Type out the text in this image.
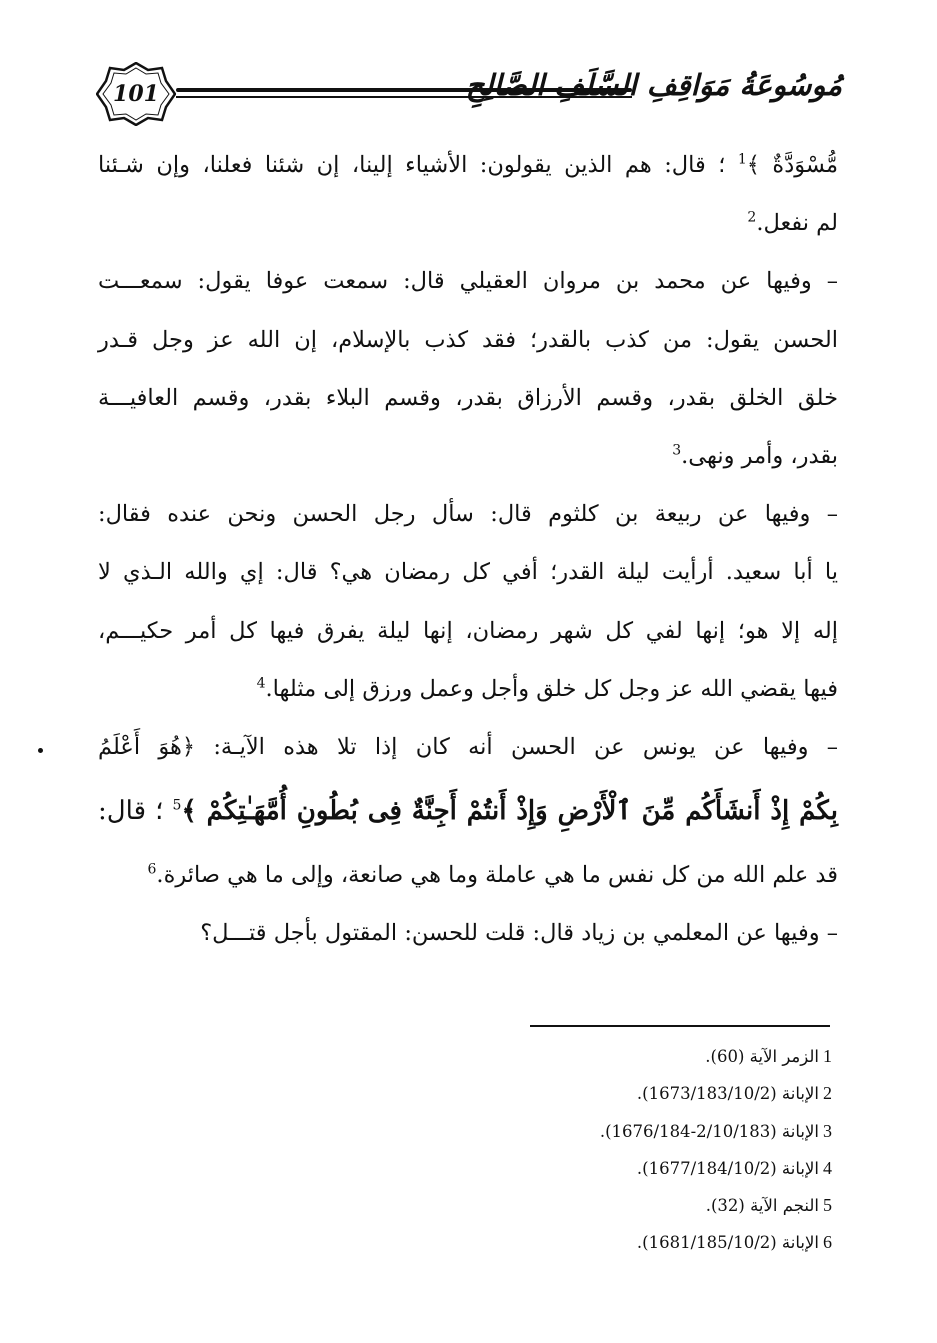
101	مُوسُوعَةُ مَوَاقِفِ السَّلَفِ الصَّالِحِ
مُّسْوَدَّةٌ ﴾$^1$ ؛ قال: هم الذين يقولون: الأشياء إلينا، إن شئنا فعلنا، وإن شـئنا
لم نفعل.$^2$
– وفيها عن محمد بن مروان العقيلي قال: سمعت عوفا يقول: سمعـــت
الحسن يقول: من كذب بالقدر؛ فقد كذب بالإسلام، إن الله عز وجل قـدر
خلق الخلق بقدر، وقسم الأرزاق بقدر، وقسم البلاء بقدر، وقسم العافيـــة
بقدر، وأمر ونهى.$^3$
– وفيها عن ربيعة بن كلثوم قال: سأل رجل الحسن ونحن عنده فقال:
يا أبا سعيد. أرأيت ليلة القدر؛ أفي كل رمضان هي؟ قال: إي والله الـذي لا
إله إلا هو؛ إنها لفي كل شهر رمضان، إنها ليلة يفرق فيها كل أمر حكيـــم،
فيها يقضي الله عز وجل كل خلق وأجل وعمل ورزق إلى مثلها.$^4$
– وفيها عن يونس عن الحسن أنه كان إذا تلا هذه الآيـة: ﴿هُوَ أَعْلَمُ
بِكُمْ إِذْ أَنشَأَكُم مِّنَ ٱلْأَرْضِ وَإِذْ أَنتُمْ أَجِنَّةٌ فِى بُطُونِ أُمَّهَـٰتِكُمْ ﴾$^5$ ؛ قال:
قد علم الله من كل نفس ما هي عاملة وما هي صانعة، وإلى ما هي صائرة.$^6$
– وفيها عن المعلمي بن زياد قال: قلت للحسن: المقتول بأجل قتـــل؟
1الزمر الآية (60).
2الإبانة (1673/183/10/2).
3الإبانة (2/10/183-1676/184).
4الإبانة (1677/184/10/2).
5النجم الآية (32).
6الإبانة (1681/185/10/2).
